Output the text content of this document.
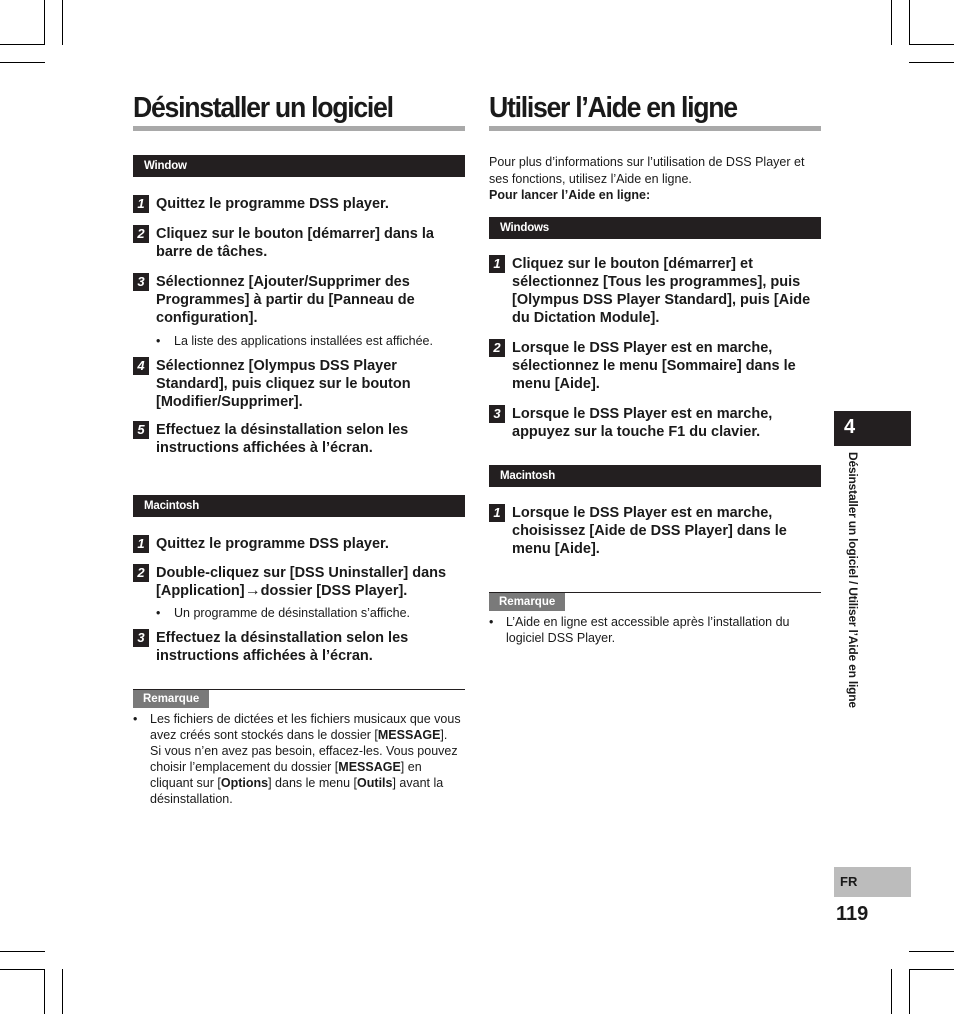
Désinstaller un logiciel
Window
1 Quittez le programme DSS player.
2 Cliquez sur le bouton [démarrer] dans la barre de tâches.
3 Sélectionnez [Ajouter/Supprimer des Programmes] à partir du [Panneau de configuration].
• La liste des applications installées est affichée.
4 Sélectionnez [Olympus DSS Player Standard], puis cliquez sur le bouton [Modifier/Supprimer].
5 Effectuez la désinstallation selon les instructions affichées à l’écran.
Macintosh
1 Quittez le programme DSS player.
2 Double-cliquez sur [DSS Uninstaller] dans [Application]→dossier [DSS Player].
• Un programme de désinstallation s’affiche.
3 Effectuez la désinstallation selon les instructions affichées à l’écran.
Remarque
• Les fichiers de dictées et les fichiers musicaux que vous avez créés sont stockés dans le dossier [MESSAGE].
Si vous n’en avez pas besoin, effacez-les. Vous pouvez choisir l’emplacement du dossier [MESSAGE] en cliquant sur [Options] dans le menu [Outils] avant la désinstallation.
Utiliser l’Aide en ligne
Pour plus d’informations sur l’utilisation de DSS Player et ses fonctions, utilisez l’Aide en ligne.
Pour lancer l’Aide en ligne:
Windows
1 Cliquez sur le bouton [démarrer] et sélectionnez [Tous les programmes], puis [Olympus DSS Player Standard], puis [Aide du Dictation Module].
2 Lorsque le DSS Player est en marche, sélectionnez le menu [Sommaire] dans le menu [Aide].
3 Lorsque le DSS Player est en marche, appuyez sur la touche F1 du clavier.
Macintosh
1 Lorsque le DSS Player est en marche, choisissez [Aide de DSS Player] dans le menu [Aide].
Remarque
• L’Aide en ligne est accessible après l’installation du logiciel DSS Player.
4
Désinstaller un logiciel / Utiliser l’Aide en ligne
FR
119
